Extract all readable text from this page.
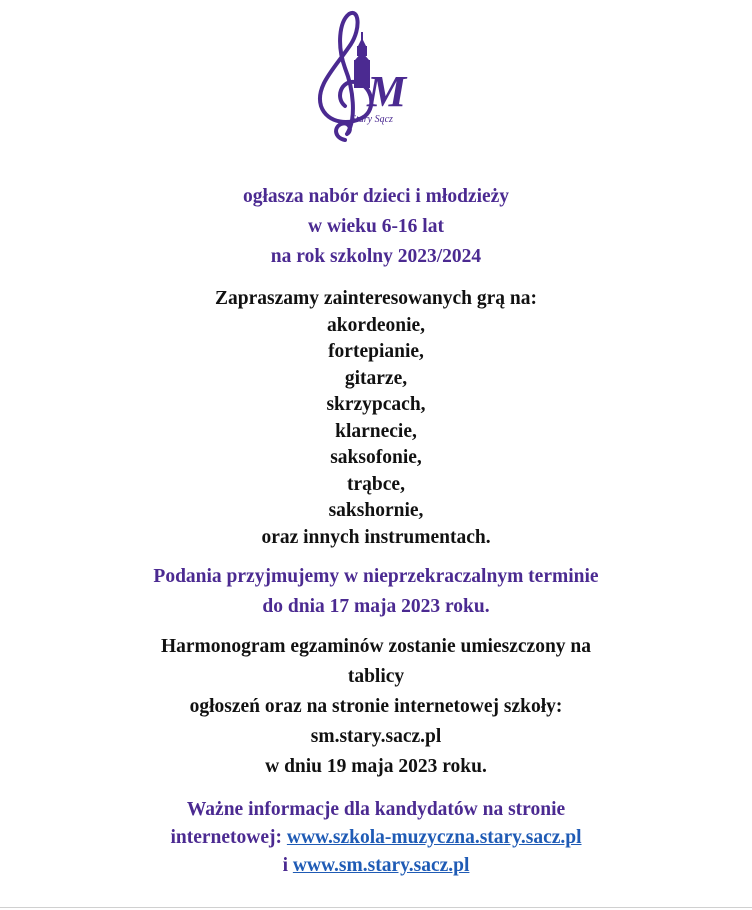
M
Stary Sącz
ogłasza nabór dzieci i młodzieży
w wieku 6-16 lat
na rok szkolny 2023/2024
Zapraszamy zainteresowanych grą na:
akordeonie,
fortepianie,
gitarze,
skrzypcach,
klarnecie,
saksofonie,
trąbce,
sakshornie,
oraz innych instrumentach.
Podania przyjmujemy w nieprzekraczalnym terminie
do dnia 17 maja 2023 roku.
Harmonogram egzaminów zostanie umieszczony na
tablicy
ogłoszeń oraz na stronie internetowej szkoły:
sm.stary.sacz.pl
w dniu 19 maja 2023 roku.
Ważne informacje dla kandydatów na stronie
internetowej: www.szkola-muzyczna.stary.sacz.pl
i www.sm.stary.sacz.pl
